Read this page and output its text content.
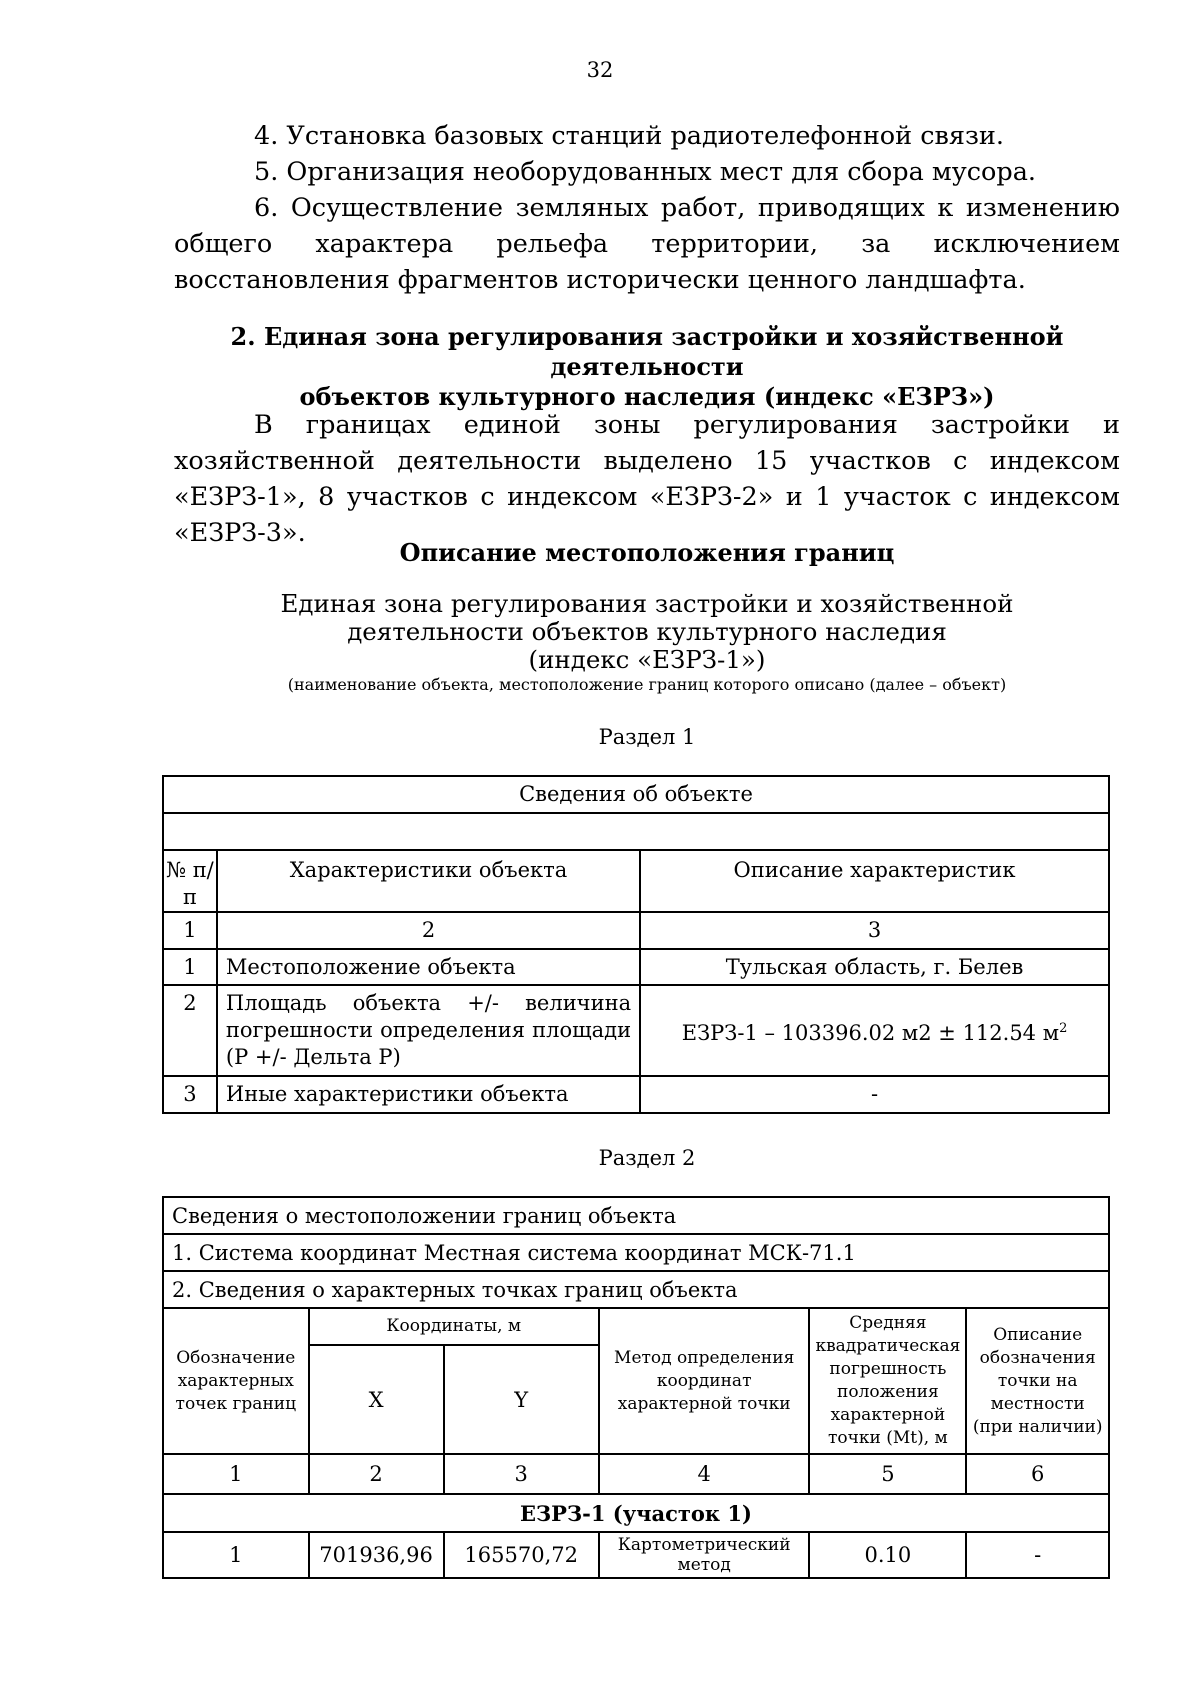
32

4. Установка базовых станций радиотелефонной связи.

5. Организация необорудованных мест для сбора мусора.

6. Осуществление земляных работ, приводящих к изменению общего характера рельефа территории, за исключением восстановления фрагментов исторически ценного ландшафта.

2. Единая зона регулирования застройки и хозяйственной деятельности
объектов культурного наследия (индекс «ЕЗРЗ»)

В границах единой зоны регулирования застройки и хозяйственной деятельности выделено 15 участков с индексом «ЕЗРЗ-1», 8 участков с индексом «ЕЗРЗ-2» и 1 участок с индексом «ЕЗРЗ-3».

Описание местоположения границ
Единая зона регулирования застройки и хозяйственной
деятельности объектов культурного наследия
(индекс «ЕЗРЗ-1»)
(наименование объекта, местоположение границ которого описано (далее – объект)
Раздел 1
Сведения об объекте		

№ п/п	Характеристики объекта	Описание характеристик
1	2	3
1	Местоположение объекта	Тульская область, г. Белев
2	Площадь объекта +/- величина погрешности определения площади (Р +/- Дельта Р)	ЕЗРЗ-1 – 103396.02 м2 ± 112.54 $м^2$
3	Иные характеристики объекта	-
Раздел 2
Сведения о местоположении границ объекта					
1. Система координат Местная система координат МСК-71.1					
2. Сведения о характерных точках границ объекта					
Обозначение характерных точек границ	Координаты, м		Метод определения координат характерной точки	Средняя квадратическая погрешность положения характерной точки (Mt), м	Описание обозначения точки на местности (при наличии)
	X	Y			
1	2	3	4	5	6
ЕЗРЗ-1 (участок 1)					
1	701936,96	165570,72	Картометрический метод	0.10	-
